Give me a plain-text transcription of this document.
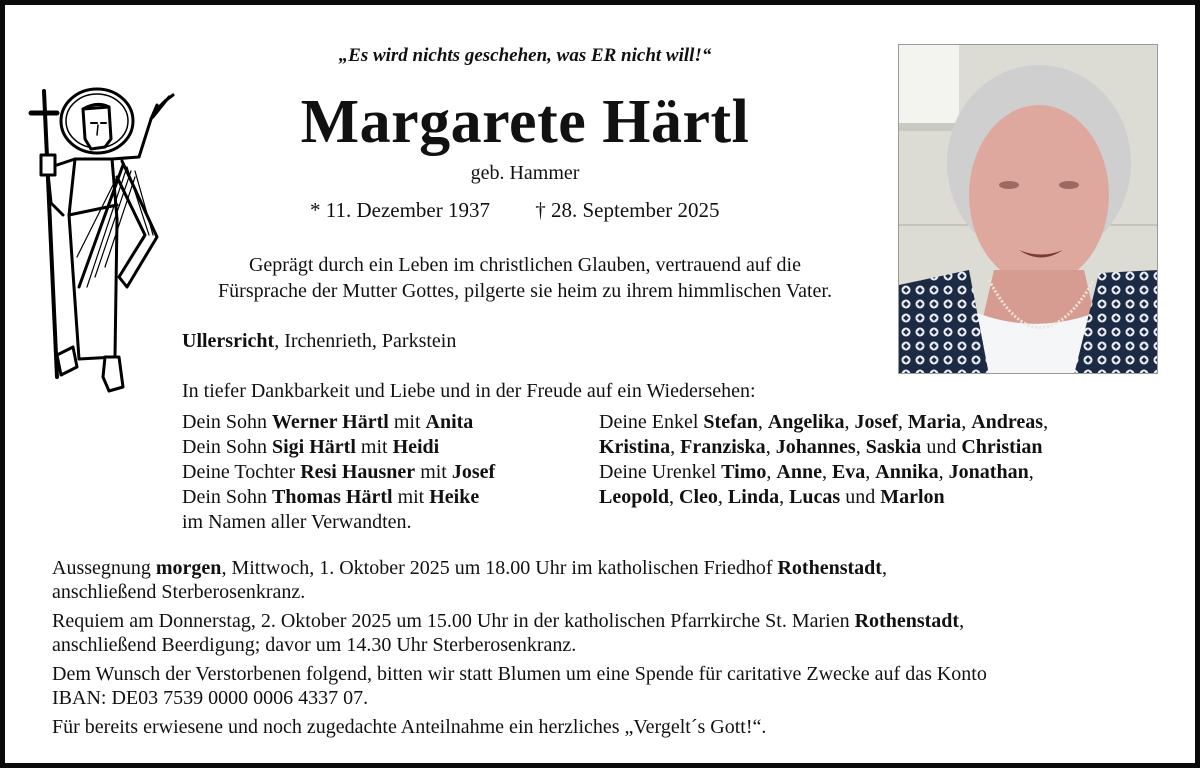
„Es wird nichts geschehen, was ER nicht will!“
Margarete Härtl
geb. Hammer
* 11. Dezember 1937 † 28. September 2025
Geprägt durch ein Leben im christlichen Glauben, vertrauend auf die
Fürsprache der Mutter Gottes, pilgerte sie heim zu ihrem himmlischen Vater.
Ullersricht, Irchenrieth, Parkstein
In tiefer Dankbarkeit und Liebe und in der Freude auf ein Wiedersehen:
Dein Sohn Werner Härtl mit Anita
Dein Sohn Sigi Härtl mit Heidi
Deine Tochter Resi Hausner mit Josef
Dein Sohn Thomas Härtl mit Heike
im Namen aller Verwandten.
Deine Enkel Stefan, Angelika, Josef, Maria, Andreas,
Kristina, Franziska, Johannes, Saskia und Christian
Deine Urenkel Timo, Anne, Eva, Annika, Jonathan,
Leopold, Cleo, Linda, Lucas und Marlon
Aussegnung morgen, Mittwoch, 1. Oktober 2025 um 18.00 Uhr im katholischen Friedhof Rothenstadt,
anschließend Sterberosenkranz.
Requiem am Donnerstag, 2. Oktober 2025 um 15.00 Uhr in der katholischen Pfarrkirche St. Marien Rothenstadt,
anschließend Beerdigung; davor um 14.30 Uhr Sterberosenkranz.
Dem Wunsch der Verstorbenen folgend, bitten wir statt Blumen um eine Spende für caritative Zwecke auf das Konto
IBAN: DE03 7539 0000 0006 4337 07.
Für bereits erwiesene und noch zugedachte Anteilnahme ein herzliches „Vergelt´s Gott!“.
